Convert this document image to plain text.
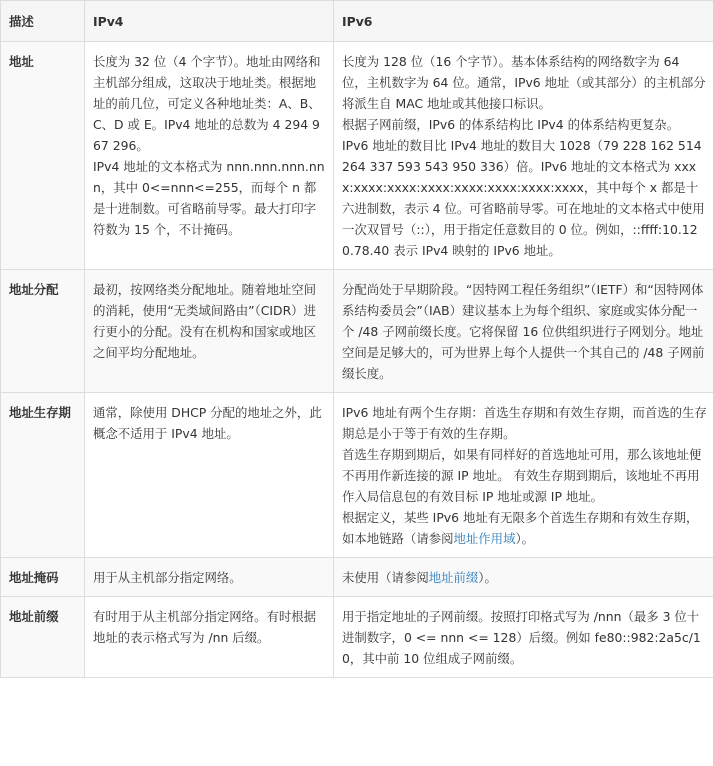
描述	IPv4	IPv6
地址	长度为 32 位（4 个字节）。地址由网络和主机部分组成，这取决于地址类。根据地址的前几位，可定义各种地址类：A、B、C、D 或 E。IPv4 地址的总数为 4 294 967 296。
IPv4 地址的文本格式为 nnn.nnn.nnn.nnn，其中 0<=nnn<=255，而每个 n 都是十进制数。可省略前导零。最大打印字符数为 15 个，不计掩码。	长度为 128 位（16 个字节）。基本体系结构的网络数字为 64 位，主机数字为 64 位。通常，IPv6 地址（或其部分）的主机部分将派生自 MAC 地址或其他接口标识。
根据子网前缀，IPv6 的体系结构比 IPv4 的体系结构更复杂。
IPv6 地址的数目比 IPv4 地址的数目大 1028（79 228 162 514 264 337 593 543 950 336）倍。IPv6 地址的文本格式为 xxxx:xxxx:xxxx:xxxx:xxxx:xxxx:xxxx:xxxx，其中每个 x 都是十六进制数，表示 4 位。可省略前导零。可在地址的文本格式中使用一次双冒号（::），用于指定任意数目的 0 位。例如，::ffff:10.120.78.40 表示 IPv4 映射的 IPv6 地址。

地址分配	最初，按网络类分配地址。随着地址空间的消耗，使用“无类域间路由”（CIDR）进行更小的分配。没有在机构和国家或地区之间平均分配地址。	分配尚处于早期阶段。“因特网工程任务组织”（IETF）和“因特网体系结构委员会”（IAB）建议基本上为每个组织、家庭或实体分配一个 /48 子网前缀长度。它将保留 16 位供组织进行子网划分。地址空间是足够大的，可为世界上每个人提供一个其自己的 /48 子网前缀长度。

地址生存期	通常，除使用 DHCP 分配的地址之外，此概念不适用于 IPv4 地址。	IPv6 地址有两个生存期：首选生存期和有效生存期，而首选的生存期总是小于等于有效的生存期。
首选生存期到期后，如果有同样好的首选地址可用，那么该地址便不再用作新连接的源 IP 地址。 有效生存期到期后，该地址不再用作入局信息包的有效目标 IP 地址或源 IP 地址。
根据定义，某些 IPv6 地址有无限多个首选生存期和有效生存期，如本地链路（请参阅地址作用域）。

地址掩码	用于从主机部分指定网络。	未使用（请参阅地址前缀）。

地址前缀	有时用于从主机部分指定网络。有时根据地址的表示格式写为 /nn 后缀。	用于指定地址的子网前缀。按照打印格式写为 /nnn（最多 3 位十进制数字，0 <= nnn <= 128）后缀。例如 fe80::982:2a5c/10，其中前 10 位组成子网前缀。
